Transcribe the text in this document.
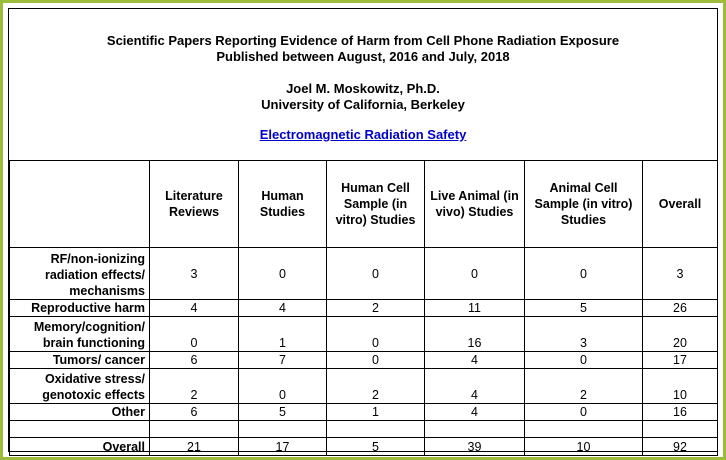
Scientific Papers Reporting Evidence of Harm from Cell Phone Radiation Exposure
Published between August, 2016 and July, 2018
Joel M. Moskowitz, Ph.D.
University of California, Berkeley
Electromagnetic Radiation Safety
	Literature Reviews	Human Studies	Human Cell Sample (in vitro) Studies	Live Animal (in vivo) Studies	Animal Cell Sample (in vitro) Studies	Overall
RF/non-ionizing radiation effects/ mechanisms	3	0	0	0	0	3
Reproductive harm	4	4	2	11	5	26
Memory/cognition/ brain functioning	0	1	0	16	3	20
Tumors/ cancer	6	7	0	4	0	17
Oxidative stress/ genotoxic effects	2	0	2	4	2	10
Other	6	5	1	4	0	16

Overall	21	17	5	39	10	92
